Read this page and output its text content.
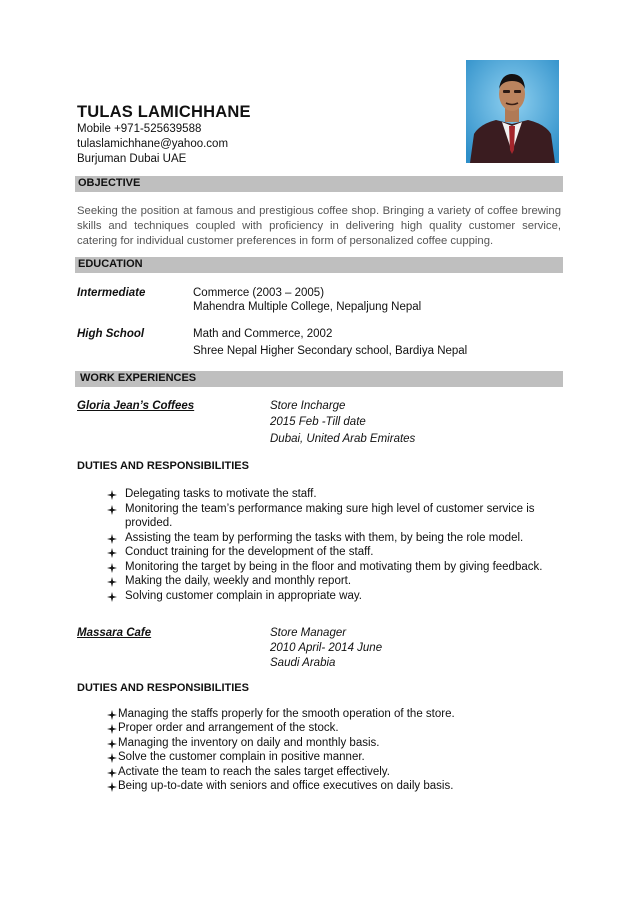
TULAS LAMICHHANE
Mobile +971-525639588
tulaslamichhane@yahoo.com
Burjuman Dubai UAE
OBJECTIVE
Seeking the position at famous and prestigious coffee shop. Bringing a variety of coffee brewing skills and techniques coupled with proficiency in delivering high quality customer service, catering for individual customer preferences in form of personalized coffee cupping.
EDUCATION
Intermediate	Commerce (2003 – 2005)
Mahendra Multiple College, Nepaljung Nepal
High School	Math and Commerce, 2002
Shree Nepal Higher Secondary school, Bardiya Nepal
WORK EXPERIENCES
Gloria Jean’s Coffees	Store Incharge
2015 Feb -Till date
Dubai, United Arab Emirates
DUTIES AND RESPONSIBILITIES
Delegating tasks to motivate the staff.
Monitoring the team’s performance making sure high level of customer service is
provided.
Assisting the team by performing the tasks with them, by being the role model.
Conduct training for the development of the staff.
Monitoring the target by being in the floor and motivating them by giving feedback.
Making the daily, weekly and monthly report.
Solving customer complain in appropriate way.
Massara Cafe	Store Manager
2010 April- 2014 June
Saudi Arabia
DUTIES AND RESPONSIBILITIES
Managing the staffs properly for the smooth operation of the store.
Proper order and arrangement of the stock.
Managing the inventory on daily and monthly basis.
Solve the customer complain in positive manner.
Activate the team to reach the sales target effectively.
Being up-to-date with seniors and office executives on daily basis.
